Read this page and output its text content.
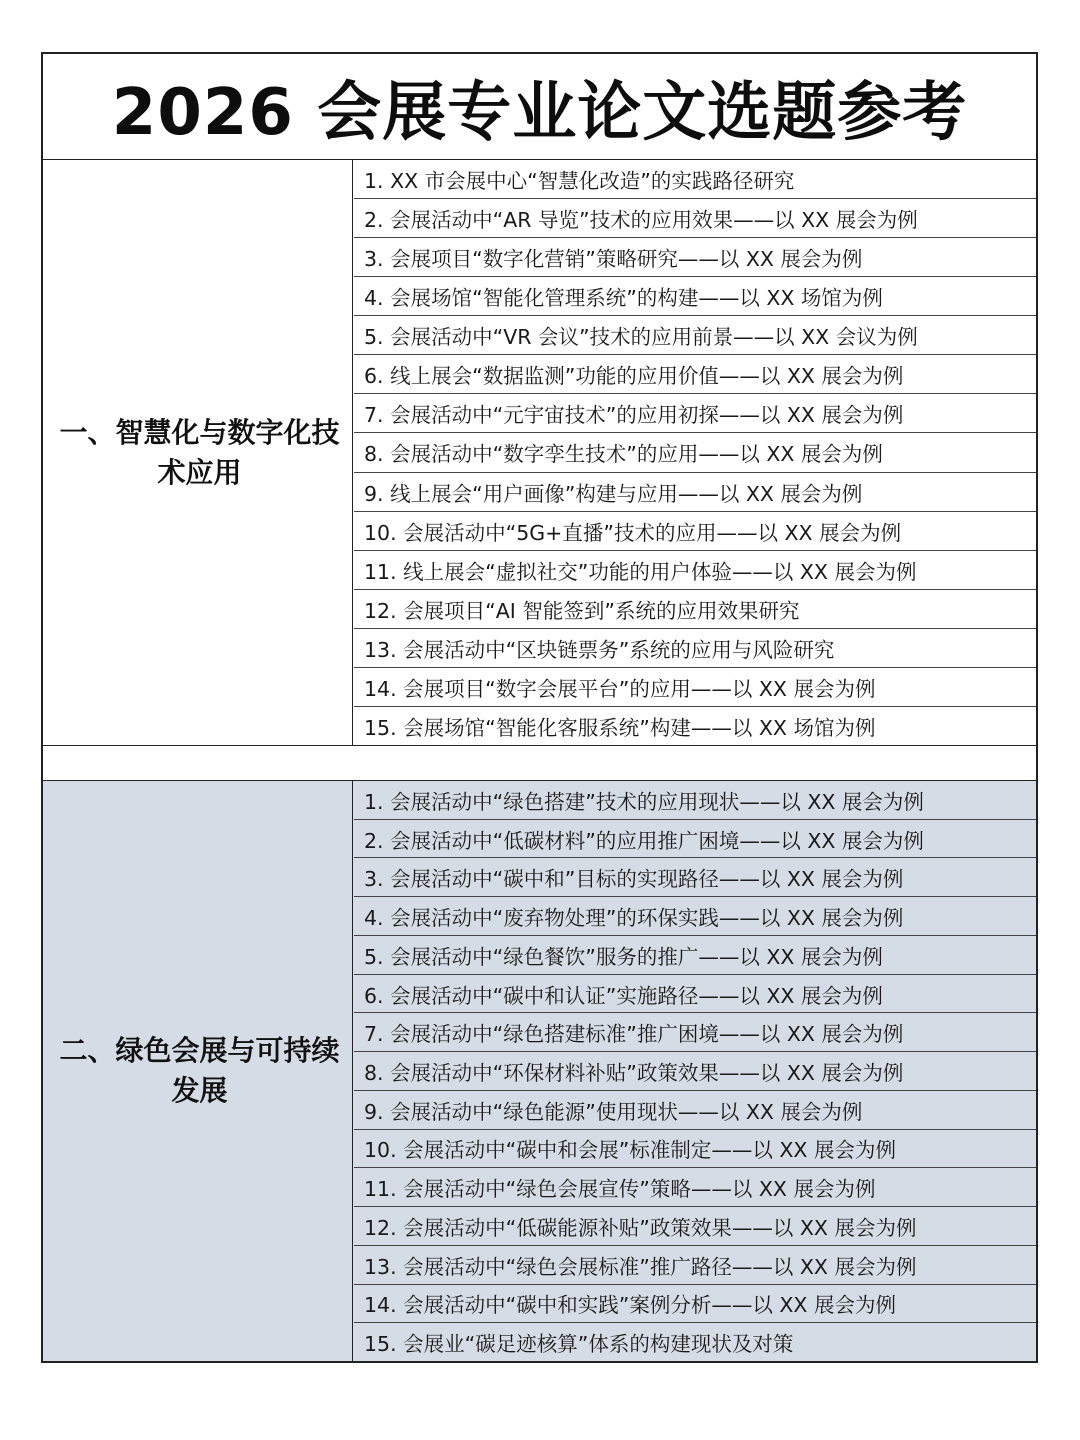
2026 会展专业论文选题参考
一、智慧化与数字化技术应用
1. XX 市会展中心“智慧化改造”的实践路径研究
2. 会展活动中“AR 导览”技术的应用效果——以 XX 展会为例
3. 会展项目“数字化营销”策略研究——以 XX 展会为例
4. 会展场馆“智能化管理系统”的构建——以 XX 场馆为例
5. 会展活动中“VR 会议”技术的应用前景——以 XX 会议为例
6. 线上展会“数据监测”功能的应用价值——以 XX 展会为例
7. 会展活动中“元宇宙技术”的应用初探——以 XX 展会为例
8. 会展活动中“数字孪生技术”的应用——以 XX 展会为例
9. 线上展会“用户画像”构建与应用——以 XX 展会为例
10. 会展活动中“5G+直播”技术的应用——以 XX 展会为例
11. 线上展会“虚拟社交”功能的用户体验——以 XX 展会为例
12. 会展项目“AI 智能签到”系统的应用效果研究
13. 会展活动中“区块链票务”系统的应用与风险研究
14. 会展项目“数字会展平台”的应用——以 XX 展会为例
15. 会展场馆“智能化客服系统”构建——以 XX 场馆为例
二、绿色会展与可持续发展
1. 会展活动中“绿色搭建”技术的应用现状——以 XX 展会为例
2. 会展活动中“低碳材料”的应用推广困境——以 XX 展会为例
3. 会展活动中“碳中和”目标的实现路径——以 XX 展会为例
4. 会展活动中“废弃物处理”的环保实践——以 XX 展会为例
5. 会展活动中“绿色餐饮”服务的推广——以 XX 展会为例
6. 会展活动中“碳中和认证”实施路径——以 XX 展会为例
7. 会展活动中“绿色搭建标准”推广困境——以 XX 展会为例
8. 会展活动中“环保材料补贴”政策效果——以 XX 展会为例
9. 会展活动中“绿色能源”使用现状——以 XX 展会为例
10. 会展活动中“碳中和会展”标准制定——以 XX 展会为例
11. 会展活动中“绿色会展宣传”策略——以 XX 展会为例
12. 会展活动中“低碳能源补贴”政策效果——以 XX 展会为例
13. 会展活动中“绿色会展标准”推广路径——以 XX 展会为例
14. 会展活动中“碳中和实践”案例分析——以 XX 展会为例
15. 会展业“碳足迹核算”体系的构建现状及对策
